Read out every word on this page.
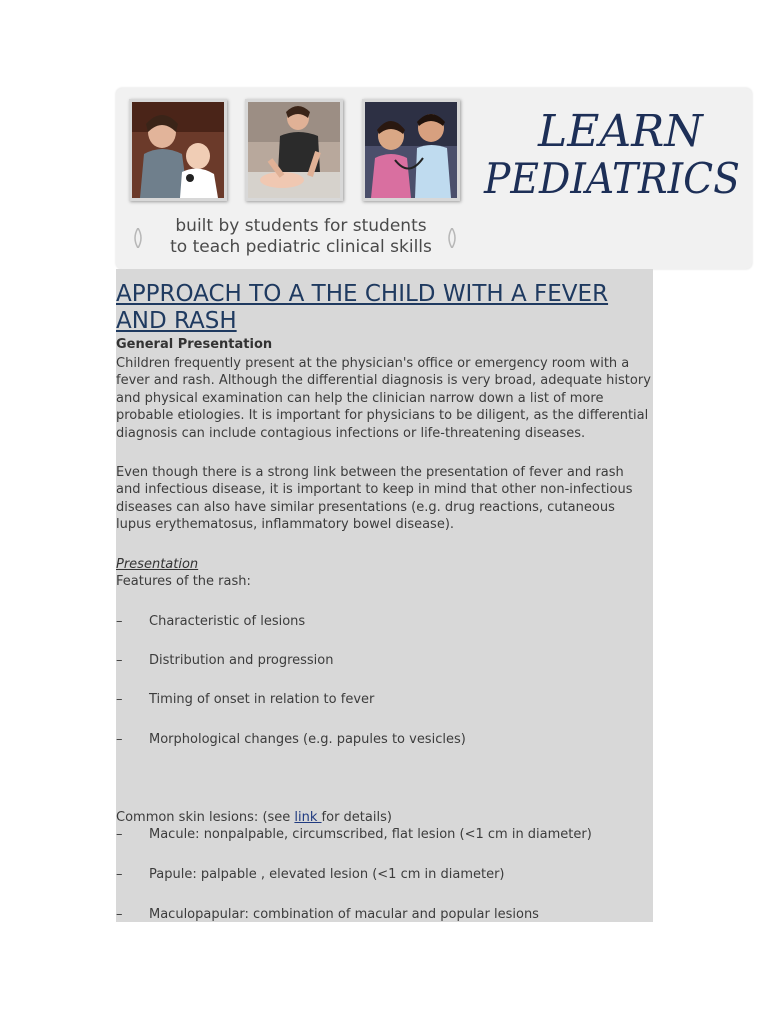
LEARN
PEDIATRICS
built by students for students
to teach pediatric clinical skills
APPROACH TO A THE CHILD WITH A FEVER AND RASH
General Presentation

Children frequently present at the physician's office or emergency room with a fever and rash. Although the differential diagnosis is very broad, adequate history and physical examination can help the clinician narrow down a list of more probable etiologies. It is important for physicians to be diligent, as the differential diagnosis can include contagious infections or life-threatening diseases.

Even though there is a strong link between the presentation of fever and rash and infectious disease, it is important to keep in mind that other non-infectious diseases can also have similar presentations (e.g. drug reactions, cutaneous lupus erythematosus, inflammatory bowel disease).

Presentation
Features of the rash:
– Characteristic of lesions
– Distribution and progression
– Timing of onset in relation to fever
– Morphological changes (e.g. papules to vesicles)
Common skin lesions: (see link for details)
– Macule: nonpalpable, circumscribed, flat lesion (<1 cm in diameter)
– Papule: palpable , elevated lesion (<1 cm in diameter)
– Maculopapular: combination of macular and popular lesions
